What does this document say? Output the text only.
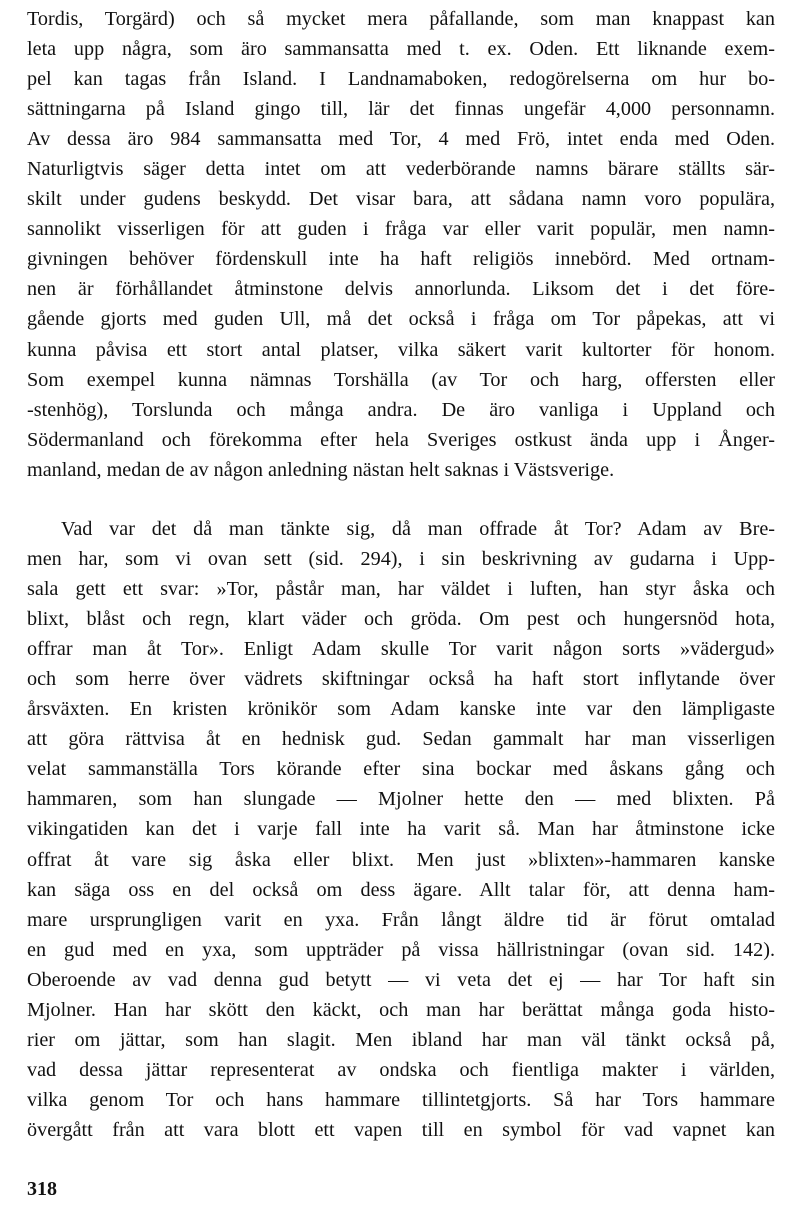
Tordis, Torgärd) och så mycket mera påfallande, som man knappast kan
leta upp några, som äro sammansatta med t. ex. Oden. Ett liknande exem-
pel kan tagas från Island. I Landnamaboken, redogörelserna om hur bo-
sättningarna på Island gingo till, lär det finnas ungefär 4,000 personnamn.
Av dessa äro 984 sammansatta med Tor, 4 med Frö, intet enda med Oden.
Naturligtvis säger detta intet om att vederbörande namns bärare ställts sär-
skilt under gudens beskydd. Det visar bara, att sådana namn voro populära,
sannolikt visserligen för att guden i fråga var eller varit populär, men namn-
givningen behöver fördenskull inte ha haft religiös innebörd. Med ortnam-
nen är förhållandet åtminstone delvis annorlunda. Liksom det i det före-
gående gjorts med guden Ull, må det också i fråga om Tor påpekas, att vi
kunna påvisa ett stort antal platser, vilka säkert varit kultorter för honom.
Som exempel kunna nämnas Torshälla (av Tor och harg, offersten eller
-stenhög), Torslunda och många andra. De äro vanliga i Uppland och
Södermanland och förekomma efter hela Sveriges ostkust ända upp i Ånger-
manland, medan de av någon anledning nästan helt saknas i Västsverige.
Vad var det då man tänkte sig, då man offrade åt Tor? Adam av Bre-
men har, som vi ovan sett (sid. 294), i sin beskrivning av gudarna i Upp-
sala gett ett svar: »Tor, påstår man, har väldet i luften, han styr åska och
blixt, blåst och regn, klart väder och gröda. Om pest och hungersnöd hota,
offrar man åt Tor». Enligt Adam skulle Tor varit någon sorts »vädergud»
och som herre över vädrets skiftningar också ha haft stort inflytande över
årsväxten. En kristen krönikör som Adam kanske inte var den lämpligaste
att göra rättvisa åt en hednisk gud. Sedan gammalt har man visserligen
velat sammanställa Tors körande efter sina bockar med åskans gång och
hammaren, som han slungade — Mjolner hette den — med blixten. På
vikingatiden kan det i varje fall inte ha varit så. Man har åtminstone icke
offrat åt vare sig åska eller blixt. Men just »blixten»-hammaren kanske
kan säga oss en del också om dess ägare. Allt talar för, att denna ham-
mare ursprungligen varit en yxa. Från långt äldre tid är förut omtalad
en gud med en yxa, som uppträder på vissa hällristningar (ovan sid. 142).
Oberoende av vad denna gud betytt — vi veta det ej — har Tor haft sin
Mjolner. Han har skött den käckt, och man har berättat många goda histo-
rier om jättar, som han slagit. Men ibland har man väl tänkt också på,
vad dessa jättar representerat av ondska och fientliga makter i världen,
vilka genom Tor och hans hammare tillintetgjorts. Så har Tors hammare
övergått från att vara blott ett vapen till en symbol för vad vapnet kan
318
